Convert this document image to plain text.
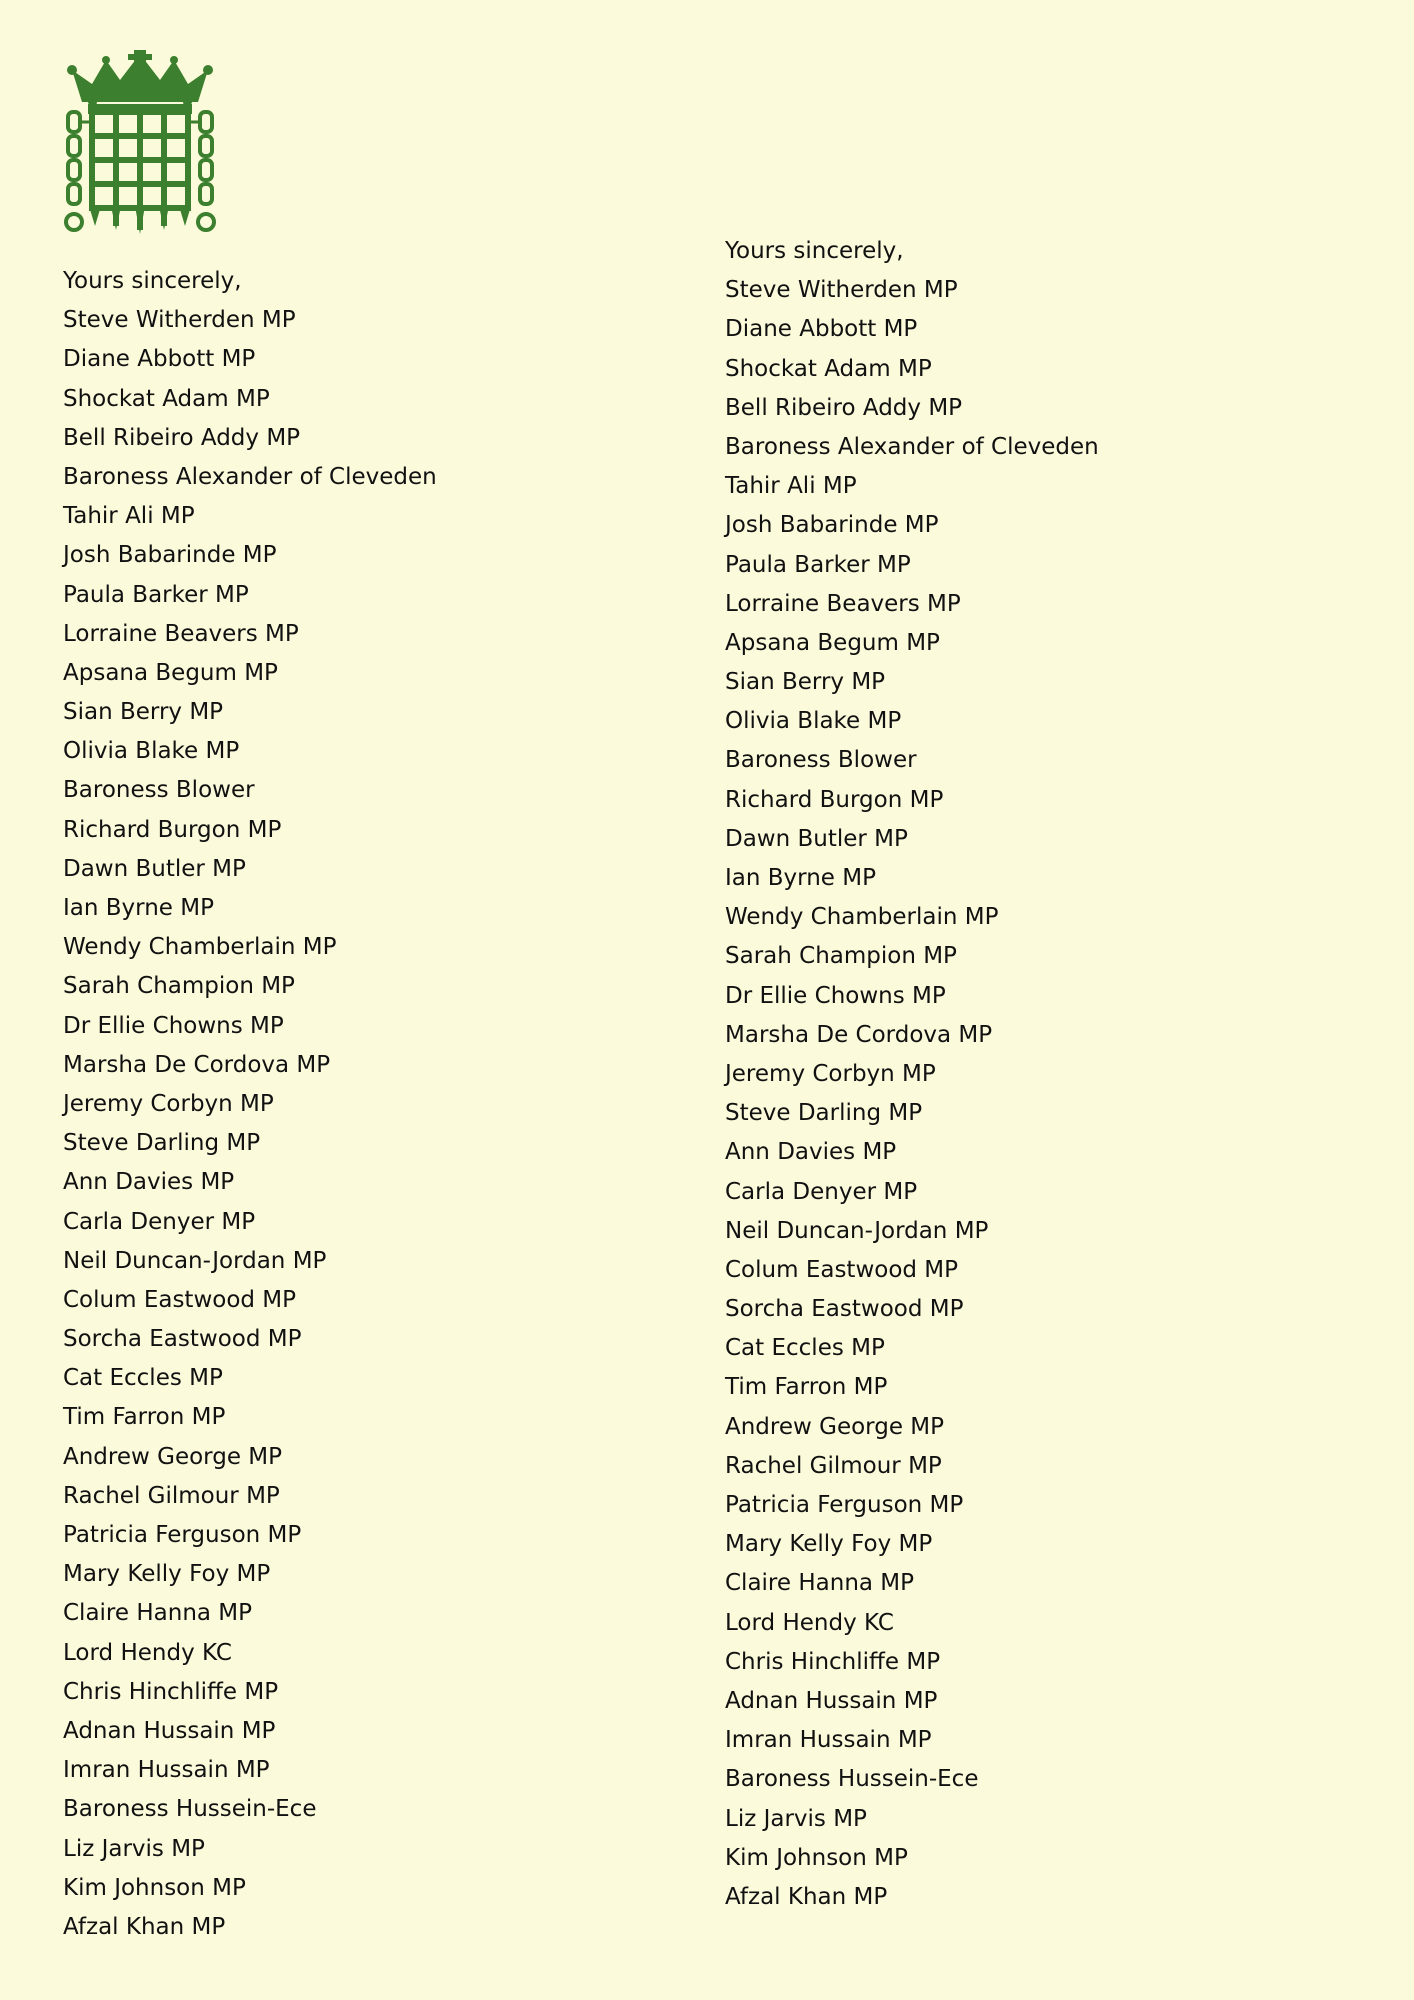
Yours sincerely,
Steve Witherden MP
Diane Abbott MP
Shockat Adam MP
Bell Ribeiro Addy MP
Baroness Alexander of Cleveden
Tahir Ali MP
Josh Babarinde MP
Paula Barker MP
Lorraine Beavers MP
Apsana Begum MP
Sian Berry MP
Olivia Blake MP
Baroness Blower
Richard Burgon MP
Dawn Butler MP
Ian Byrne MP
Wendy Chamberlain MP
Sarah Champion MP
Dr Ellie Chowns MP
Marsha De Cordova MP
Jeremy Corbyn MP
Steve Darling MP
Ann Davies MP
Carla Denyer MP
Neil Duncan-Jordan MP
Colum Eastwood MP
Sorcha Eastwood MP
Cat Eccles MP
Tim Farron MP
Andrew George MP
Rachel Gilmour MP
Patricia Ferguson MP
Mary Kelly Foy MP
Claire Hanna MP
Lord Hendy KC
Chris Hinchliffe MP
Adnan Hussain MP
Imran Hussain MP
Baroness Hussein-Ece
Liz Jarvis MP
Kim Johnson MP
Afzal Khan MP
Yours sincerely,
Steve Witherden MP
Diane Abbott MP
Shockat Adam MP
Bell Ribeiro Addy MP
Baroness Alexander of Cleveden
Tahir Ali MP
Josh Babarinde MP
Paula Barker MP
Lorraine Beavers MP
Apsana Begum MP
Sian Berry MP
Olivia Blake MP
Baroness Blower
Richard Burgon MP
Dawn Butler MP
Ian Byrne MP
Wendy Chamberlain MP
Sarah Champion MP
Dr Ellie Chowns MP
Marsha De Cordova MP
Jeremy Corbyn MP
Steve Darling MP
Ann Davies MP
Carla Denyer MP
Neil Duncan-Jordan MP
Colum Eastwood MP
Sorcha Eastwood MP
Cat Eccles MP
Tim Farron MP
Andrew George MP
Rachel Gilmour MP
Patricia Ferguson MP
Mary Kelly Foy MP
Claire Hanna MP
Lord Hendy KC
Chris Hinchliffe MP
Adnan Hussain MP
Imran Hussain MP
Baroness Hussein-Ece
Liz Jarvis MP
Kim Johnson MP
Afzal Khan MP
